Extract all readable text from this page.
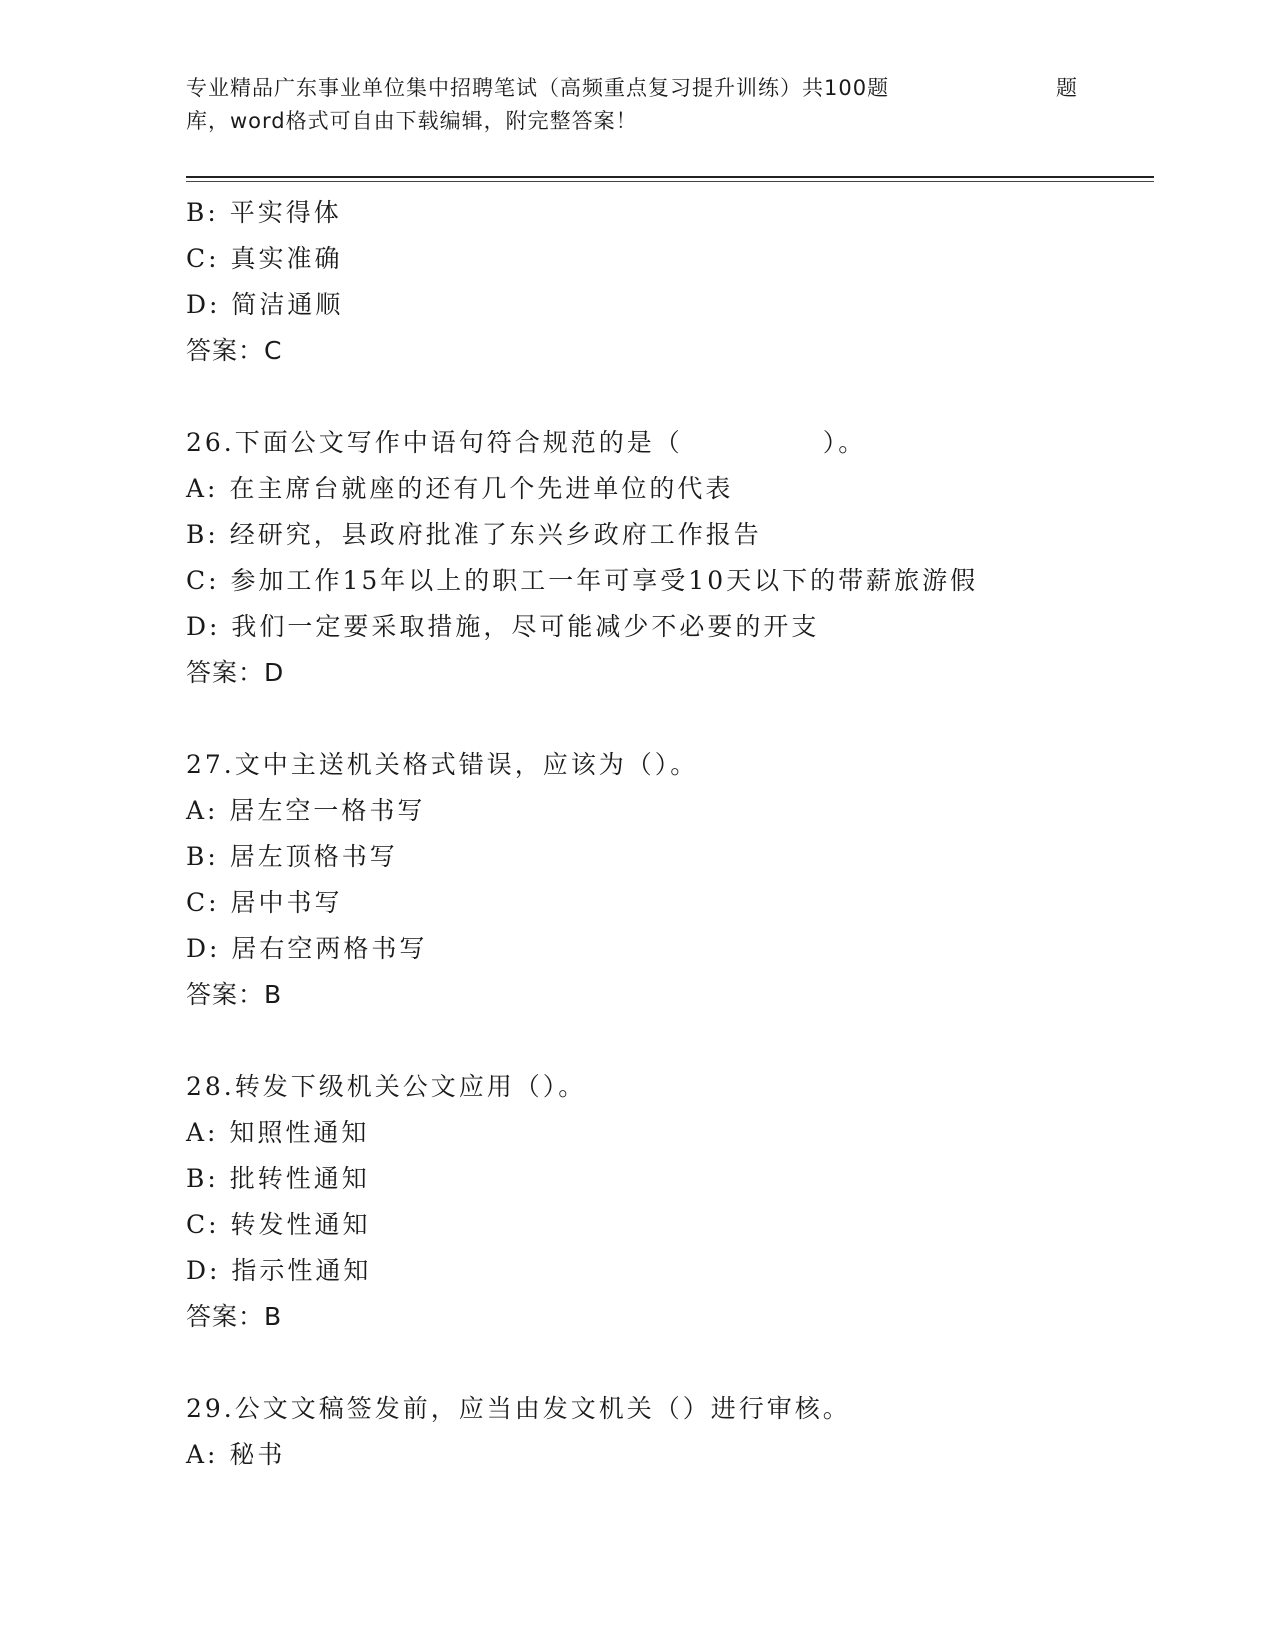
专业精品广东事业单位集中招聘笔试（高频重点复习提升训练）共100题	题
库，word格式可自由下载编辑，附完整答案！
B: 平实得体
C: 真实准确
D: 简洁通顺
答案：C
26.下面公文写作中语句符合规范的是（　　　　　）。
A: 在主席台就座的还有几个先进单位的代表
B: 经研究，县政府批准了东兴乡政府工作报告
C: 参加工作15年以上的职工一年可享受10天以下的带薪旅游假
D: 我们一定要采取措施，尽可能减少不必要的开支
答案：D
27.文中主送机关格式错误，应该为（）。
A: 居左空一格书写
B: 居左顶格书写
C: 居中书写
D: 居右空两格书写
答案：B
28.转发下级机关公文应用（）。
A: 知照性通知
B: 批转性通知
C: 转发性通知
D: 指示性通知
答案：B
29.公文文稿签发前，应当由发文机关（）进行审核。
A: 秘书
